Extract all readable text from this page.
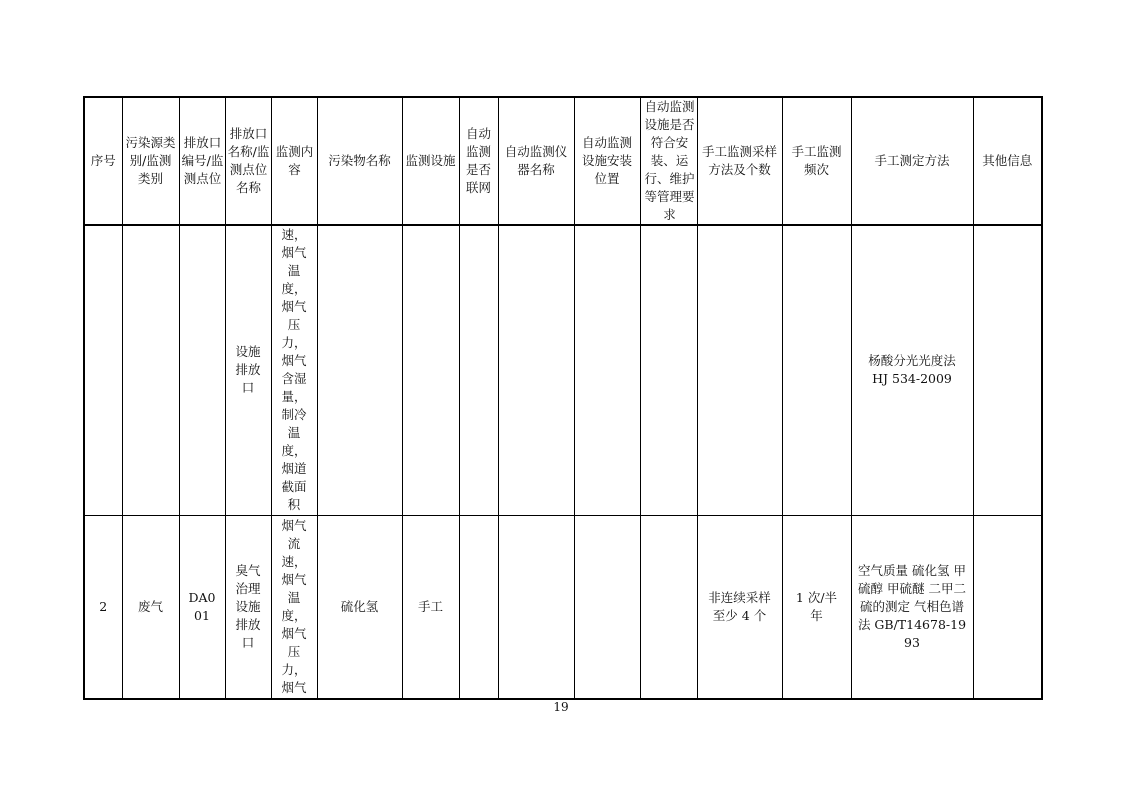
序号	污染源类别/监测类别	排放口编号/监测点位	排放口名称/监测点位名称	监测内容	污染物名称	监测设施	自动监测是否联网	自动监测仪器名称	自动监测设施安装位置	自动监测设施是否符合安装、运行、维护等管理要求	手工监测采样方法及个数	手工监测频次	手工测定方法	其他信息

			设施排放口	速，烟气温度，烟气压力，烟气含湿量，制冷温度，烟道截面积									杨酸分光光度法 HJ 534-2009	

2	废气	DA001	臭气治理设施排放口	烟气流速，烟气温度，烟气压力，烟气	硫化氢	手工					非连续采样 至少 4 个	1 次/半年	空气质量 硫化氢 甲硫醇 甲硫醚 二甲二硫的测定 气相色谱法 GB/T14678-1993	

19
